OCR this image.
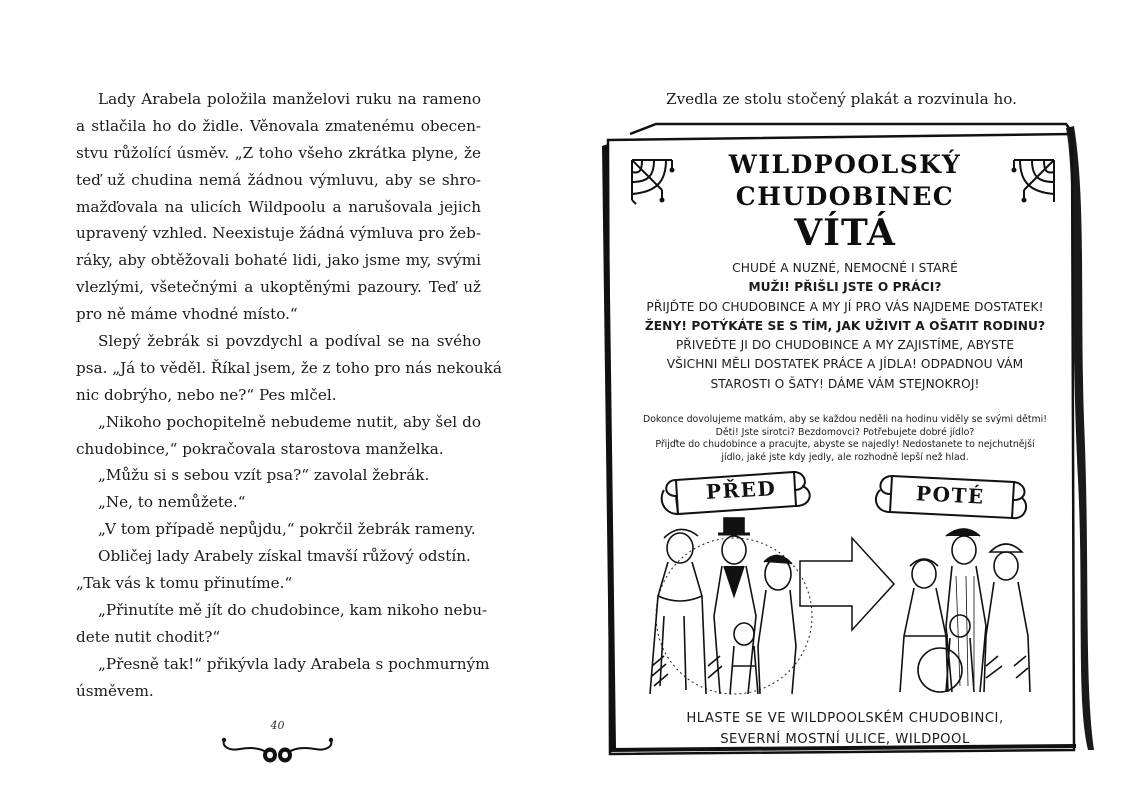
Lady Arabela položila manželovi ruku na rameno
a stlačila ho do židle. Věnovala zmatenému obecen-
stvu růžolící úsměv. „Z toho všeho zkrátka plyne, že
teď už chudina nemá žádnou výmluvu, aby se shro-
mažďovala na ulicích Wildpoolu a narušovala jejich
upravený vzhled. Neexistuje žádná výmluva pro žeb-
ráky, aby obtěžovali bohaté lidi, jako jsme my, svými
vlezlými, všetečnými a ukoptěnými pazoury. Teď už
pro ně máme vhodné místo.“
Slepý žebrák si povzdychl a podíval se na svého
psa. „Já to věděl. Říkal jsem, že z toho pro nás nekouká
nic dobrýho, nebo ne?“ Pes mlčel.
„Nikoho pochopitelně nebudeme nutit, aby šel do
chudobince,“ pokračovala starostova manželka.
„Můžu si s sebou vzít psa?“ zavolal žebrák.
„Ne, to nemůžete.“
„V tom případě nepůjdu,“ pokrčil žebrák rameny.
Obličej lady Arabely získal tmavší růžový odstín.
„Tak vás k tomu přinutíme.“
„Přinutíte mě jít do chudobince, kam nikoho nebu-
dete nutit chodit?“
„Přesně tak!“ přikývla lady Arabela s pochmurným
úsměvem.
40
Zvedla ze stolu stočený plakát a rozvinula ho.
WILDPOOLSKÝ
CHUDOBINEC
VÍTÁ
CHUDÉ A NUZNÉ, NEMOCNÉ I STARÉ
MUŽI! PŘIŠLI JSTE O PRÁCI?
PŘIJĎTE DO CHUDOBINCE A MY JÍ PRO VÁS NAJDEME DOSTATEK!
ŽENY! POTÝKÁTE SE S TÍM, JAK UŽIVIT A OŠATIT RODINU?
PŘIVEĎTE JI DO CHUDOBINCE A MY ZAJISTÍME, ABYSTE
VŠICHNI MĚLI DOSTATEK PRÁCE A JÍDLA! ODPADNOU VÁM
STAROSTI O ŠATY! DÁME VÁM STEJNOKROJ!
Dokonce dovolujeme matkám, aby se každou neděli na hodinu viděly se svými dětmi!
Děti! Jste sirotci? Bezdomovci? Potřebujete dobré jídlo?
Přijďte do chudobince a pracujte, abyste se najedly! Nedostanete to nejchutnější
jídlo, jaké jste kdy jedly, ale rozhodně lepší než hlad.
PŘED	POTÉ
HLASTE SE VE WILDPOOLSKÉM CHUDOBINCI,
SEVERNÍ MOSTNÍ ULICE, WILDPOOL
